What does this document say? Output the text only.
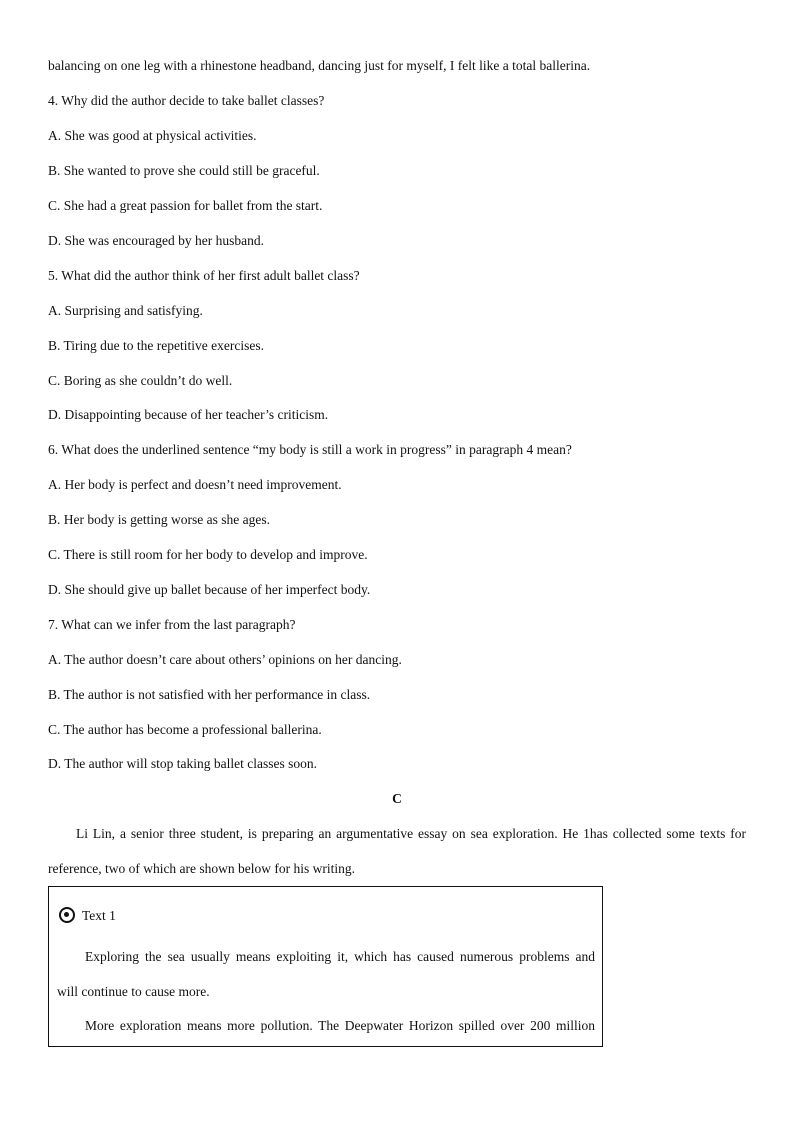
balancing on one leg with a rhinestone headband, dancing just for myself, I felt like a total ballerina.
4. Why did the author decide to take ballet classes?
A. She was good at physical activities.
B. She wanted to prove she could still be graceful.
C. She had a great passion for ballet from the start.
D. She was encouraged by her husband.
5. What did the author think of her first adult ballet class?
A. Surprising and satisfying.
B. Tiring due to the repetitive exercises.
C. Boring as she couldn’t do well.
D. Disappointing because of her teacher’s criticism.
6. What does the underlined sentence “my body is still a work in progress” in paragraph 4 mean?
A. Her body is perfect and doesn’t need improvement.
B. Her body is getting worse as she ages.
C. There is still room for her body to develop and improve.
D. She should give up ballet because of her imperfect body.
7. What can we infer from the last paragraph?
A. The author doesn’t care about others’ opinions on her dancing.
B. The author is not satisfied with her performance in class.
C. The author has become a professional ballerina.
D. The author will stop taking ballet classes soon.
C
Li Lin, a senior three student, is preparing an argumentative essay on sea exploration. He 1has collected some texts for
reference, two of which are shown below for his writing.
Text 1
Exploring the sea usually means exploiting it, which has caused numerous problems and
will continue to cause more.
More exploration means more pollution. The Deepwater Horizon spilled over 200 million
